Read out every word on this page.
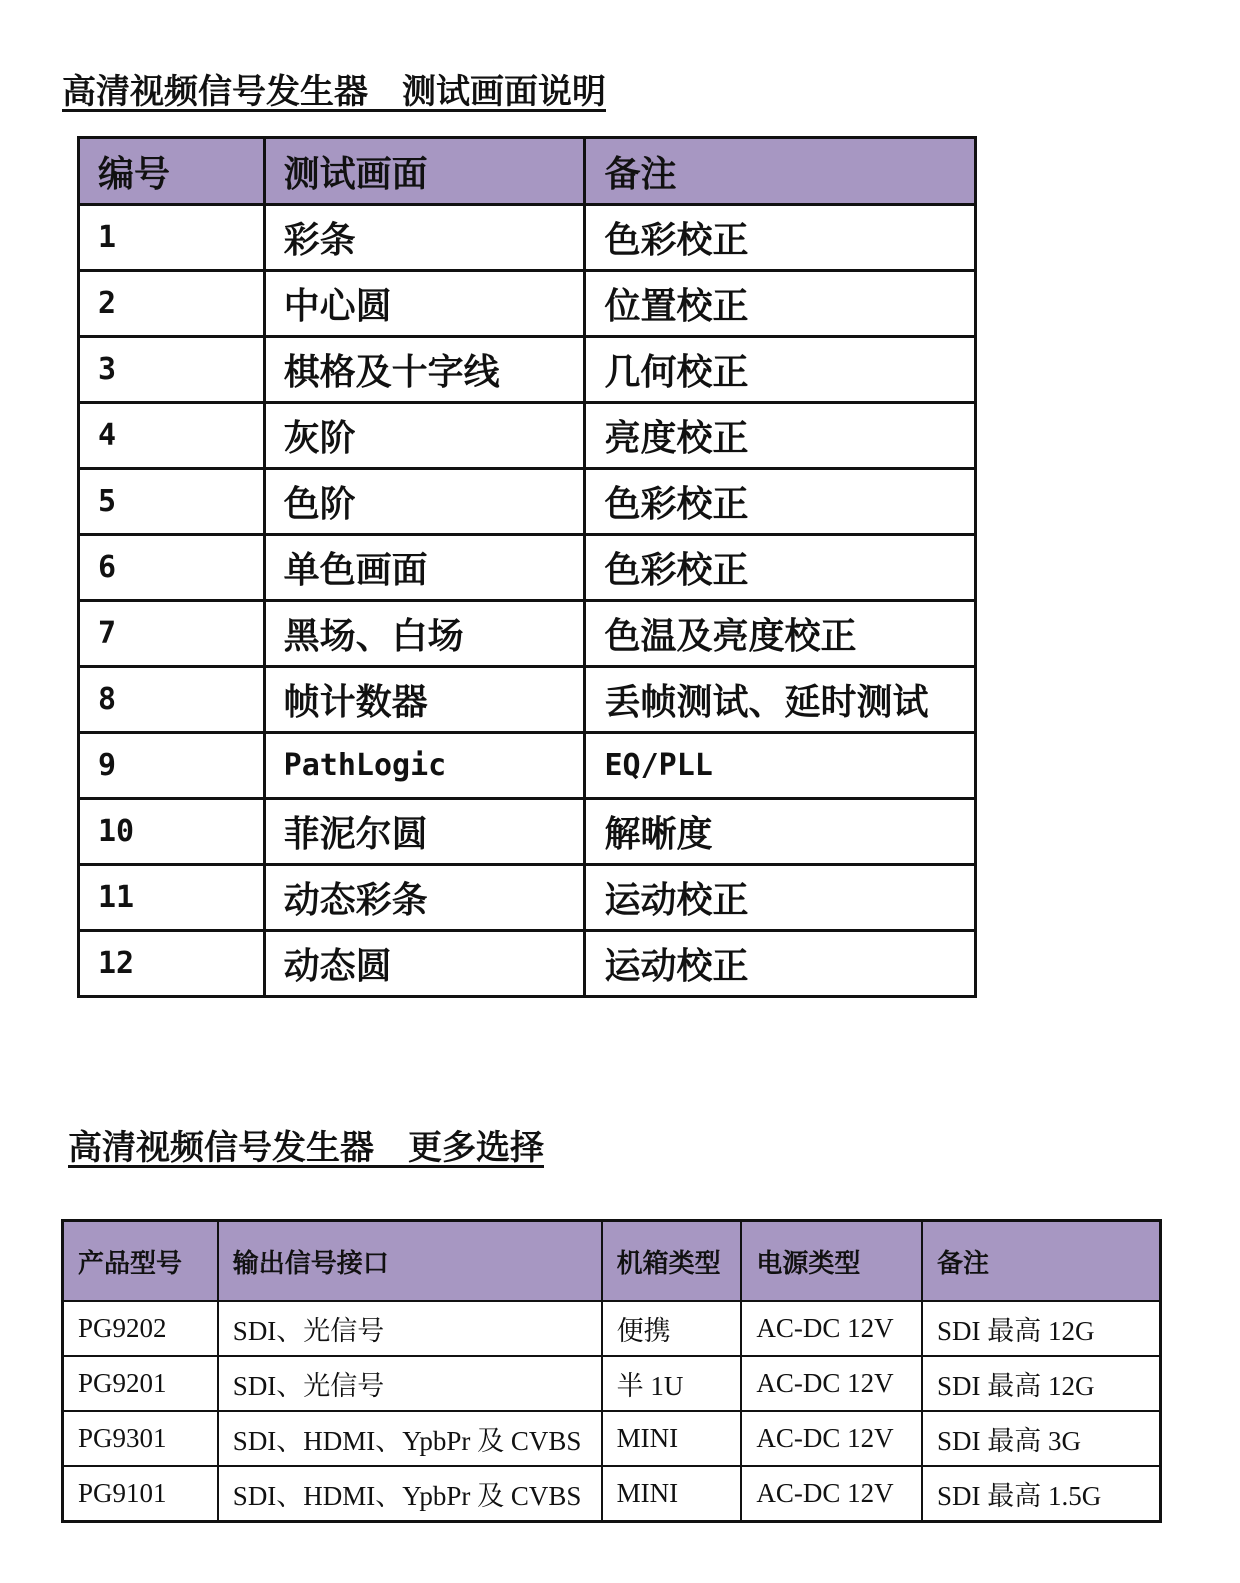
高清视频信号发生器　测试画面说明
编号	测试画面	备注
1	彩条	色彩校正
2	中心圆	位置校正
3	棋格及十字线	几何校正
4	灰阶	亮度校正
5	色阶	色彩校正
6	单色画面	色彩校正
7	黑场、白场	色温及亮度校正
8	帧计数器	丢帧测试、延时测试
9	PathLogic	EQ/PLL
10	菲泥尔圆	解晰度
11	动态彩条	运动校正
12	动态圆	运动校正
高清视频信号发生器　更多选择
产品型号	输出信号接口	机箱类型	电源类型	备注
PG9202	SDI、光信号	便携	AC-DC 12V	SDI 最高 12G
PG9201	SDI、光信号	半 1U	AC-DC 12V	SDI 最高 12G
PG9301	SDI、HDMI、YpbPr 及 CVBS	MINI	AC-DC 12V	SDI 最高 3G
PG9101	SDI、HDMI、YpbPr 及 CVBS	MINI	AC-DC 12V	SDI 最高 1.5G
